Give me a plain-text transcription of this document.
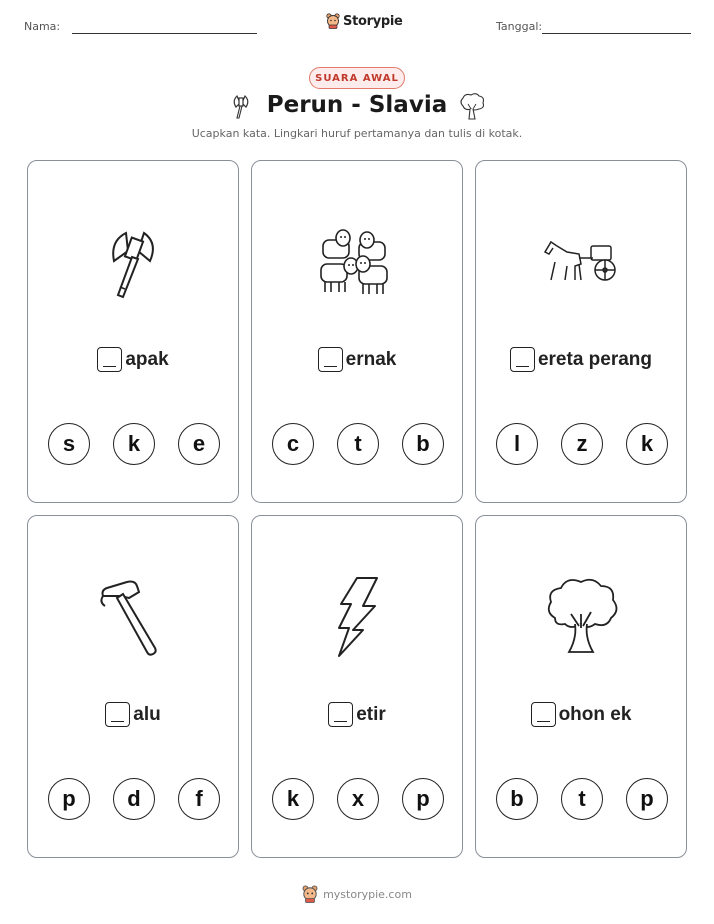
Nama:	Storypie	Tanggal:
SUARA AWAL
Perun - Slavia
Ucapkan kata. Lingkari huruf pertamanya dan tulis di kotak.
apak
s	k	e
ernak
c	t	b
ereta perang
l	z	k
alu
p	d	f
etir
k	x	p
ohon ek
b	t	p
mystorypie.com
